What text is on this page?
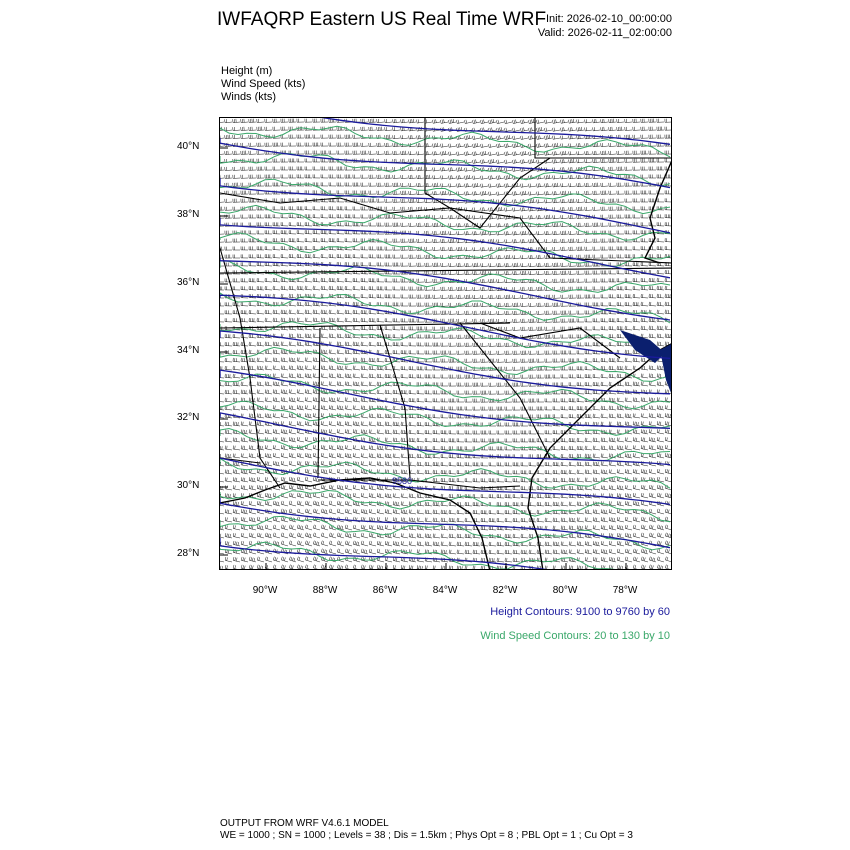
IWFAQRP Eastern US Real Time WRF Init: 2026-02-10_00:00:00
Valid: 2026-02-11_02:00:00
Height (m)
Wind Speed (kts)
Winds (kts)
9580
40°N
38°N
36°N
34°N
32°N
30°N
28°N
90°W	88°W	86°W	84°W	82°W	80°W	78°W
Height Contours: 9100 to 9760 by 60
Wind Speed Contours: 20 to 130 by 10
OUTPUT FROM WRF V4.6.1 MODEL
WE = 1000 ; SN = 1000 ; Levels = 38 ; Dis = 1.5km ; Phys Opt = 8 ; PBL Opt = 1 ; Cu Opt = 3
